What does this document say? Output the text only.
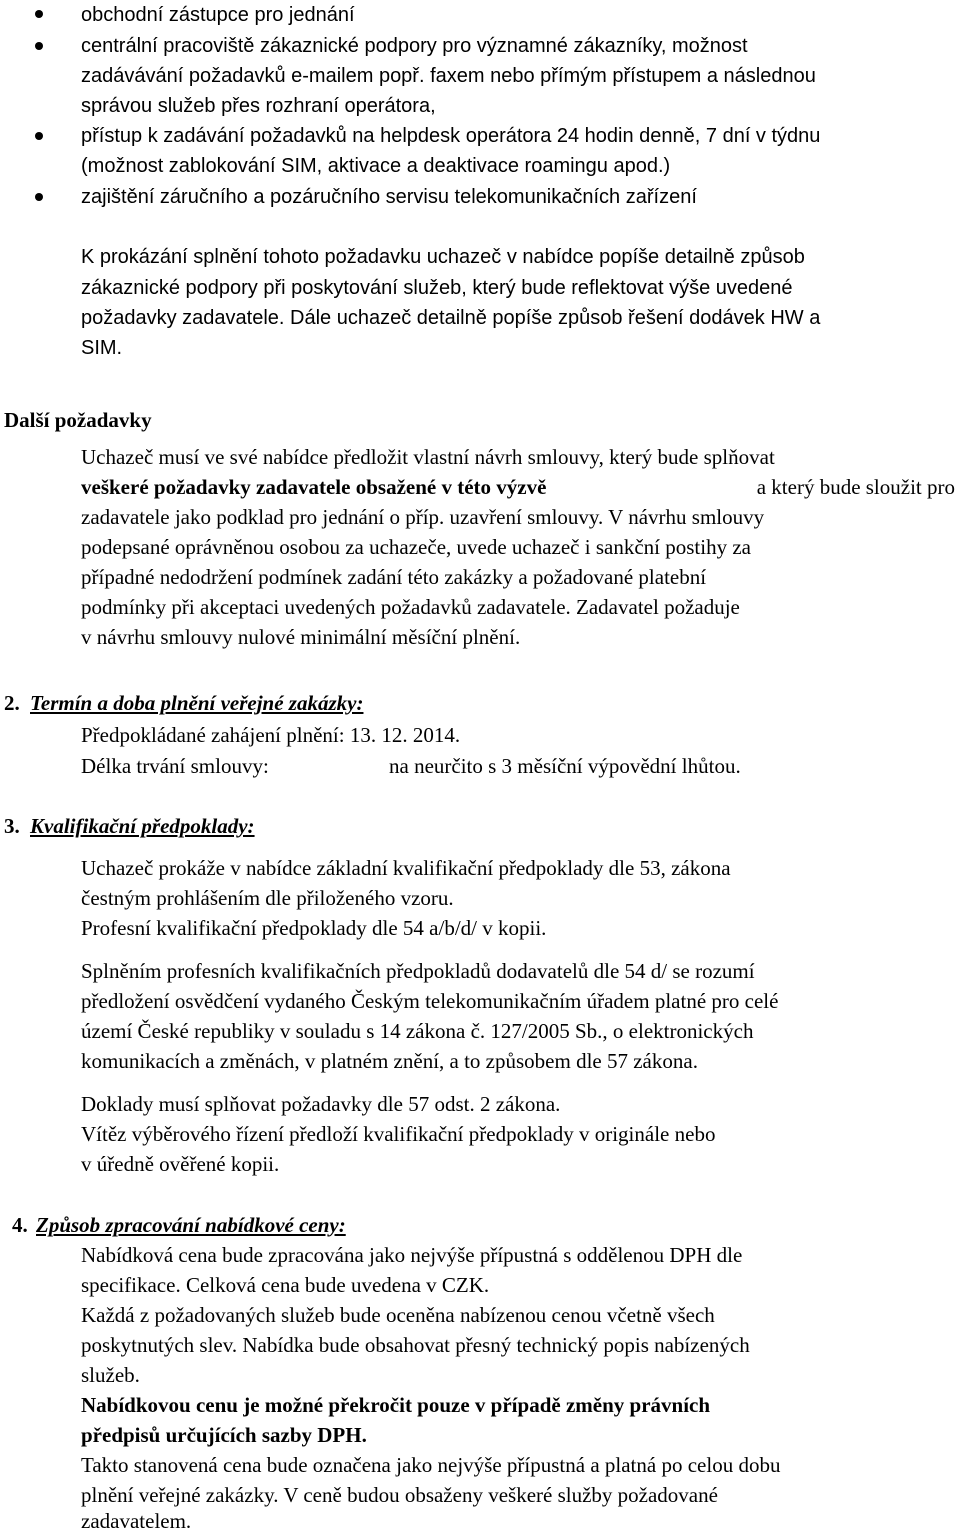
obchodní zástupce pro jednání
centrální pracoviště zákaznické podpory pro významné zákazníky, možnost
zadávávání požadavků e-mailem popř. faxem nebo přímým přístupem a následnou
správou služeb přes rozhraní operátora,
přístup k zadávání požadavků na helpdesk operátora 24 hodin denně, 7 dní v týdnu
(možnost zablokování SIM, aktivace a deaktivace roamingu apod.)
zajištění záručního a pozáručního servisu telekomunikačních zařízení
K prokázání splnění tohoto požadavku uchazeč v nabídce popíše detailně způsob
zákaznické podpory při poskytování služeb, který bude reflektovat výše uvedené
požadavky zadavatele. Dále uchazeč detailně popíše způsob řešení dodávek HW a
SIM.
Další požadavky
Uchazeč musí ve své nabídce předložit vlastní návrh smlouvy, který bude splňovat
veškeré požadavky zadavatele obsažené v této výzvě	a který bude sloužit pro
zadavatele jako podklad pro jednání o příp. uzavření smlouvy. V návrhu smlouvy
podepsané oprávněnou osobou za uchazeče, uvede uchazeč i sankční postihy za
případné nedodržení podmínek zadání této zakázky a požadované platební
podmínky při akceptaci uvedených požadavků zadavatele. Zadavatel požaduje
v návrhu smlouvy nulové minimální měsíční plnění.
2. Termín a doba plnění veřejné zakázky:
Předpokládané zahájení plnění: 13. 12. 2014.
Délka trvání smlouvy:	na neurčito s 3 měsíční výpovědní lhůtou.
3. Kvalifikační předpoklady:
Uchazeč prokáže v nabídce základní kvalifikační předpoklady dle 53, zákona
čestným prohlášením dle přiloženého vzoru.
Profesní kvalifikační předpoklady dle 54 a/b/d/ v kopii.
Splněním profesních kvalifikačních předpokladů dodavatelů dle 54 d/ se rozumí
předložení osvědčení vydaného Českým telekomunikačním úřadem platné pro celé
území České republiky v souladu s 14 zákona č. 127/2005 Sb., o elektronických
komunikacích a změnách, v platném znění, a to způsobem dle 57 zákona.
Doklady musí splňovat požadavky dle 57 odst. 2 zákona.
Vítěz výběrového řízení předloží kvalifikační předpoklady v originále nebo
v úředně ověřené kopii.
4. Způsob zpracování nabídkové ceny:
Nabídková cena bude zpracována jako nejvýše přípustná s oddělenou DPH dle
specifikace. Celková cena bude uvedena v CZK.
Každá z požadovaných služeb bude oceněna nabízenou cenou včetně všech
poskytnutých slev. Nabídka bude obsahovat přesný technický popis nabízených
služeb.
Nabídkovou cenu je možné překročit pouze v případě změny právních
předpisů určujících sazby DPH.
Takto stanovená cena bude označena jako nejvýše přípustná a platná po celou dobu
plnění veřejné zakázky. V ceně budou obsaženy veškeré služby požadované
zadavatelem.
